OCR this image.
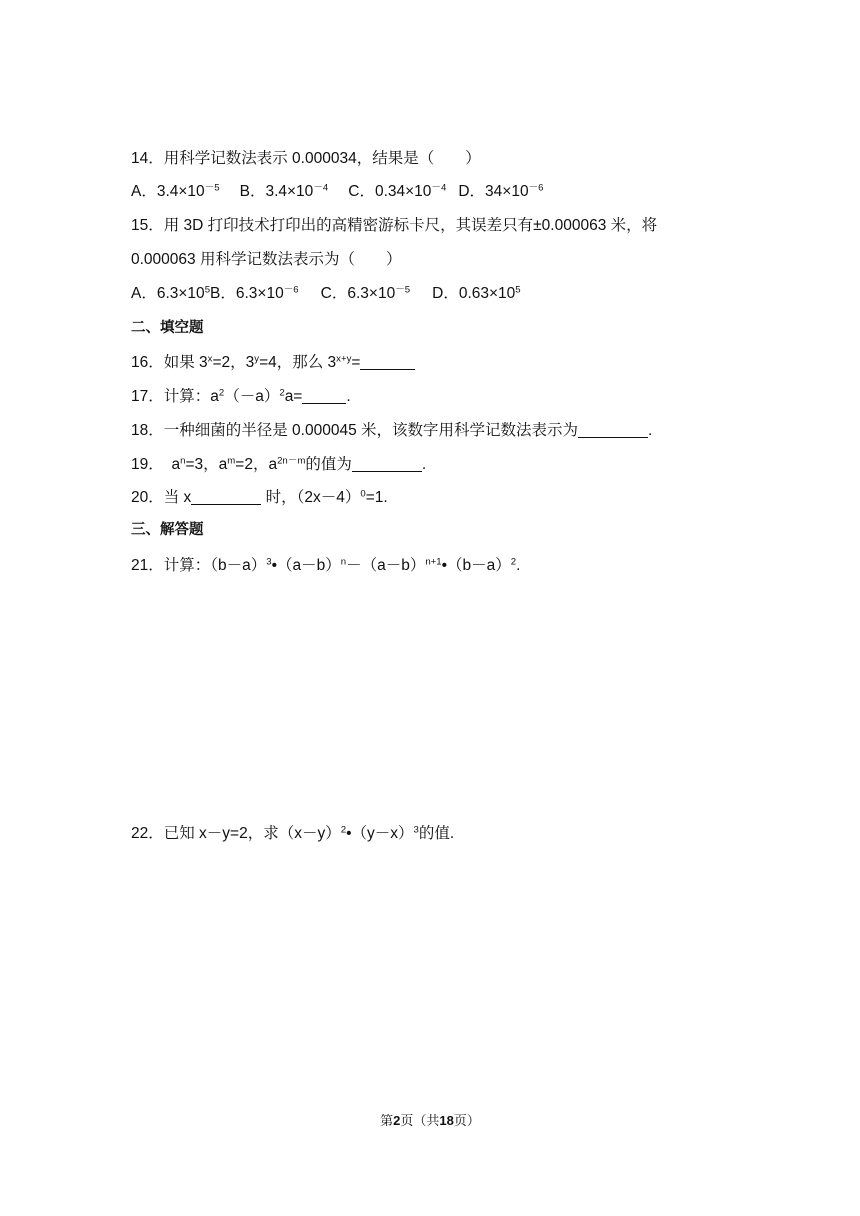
14．用科学记数法表示 0.000034，结果是（　　）
A．$3.4\times 10^{-5}$ B．$3.4\times 10^{-4}$ C．$0.34\times 10^{-4}$ D．$34\times 10^{-6}$
15．用 3D 打印技术打印出的高精密游标卡尺，其误差只有±0.000063 米，将
0.000063 用科学记数法表示为（　　）
A．$6.3\times 10^5B$．$6.3\times 10^{-6}$ C．$6.3\times 10^{-5}$ D．$0.63\times 10^5$
二、填空题
16．如果 $3^x=2$，$3^y=4$，那么 $3^{x+y}=$
17．计算：$a^2(-a)^2a=$	.
18．一种细菌的半径是 0.000045 米，该数字用科学记数法表示为	.
19．　$a^n=3$，$a^m=2$，$a^{2n-m}$的值为	.
20．当 x	时，$(2x-4)^0=1$.
三、解答题
21．计算：$(b-a)^3•(a-b)^n-(a-b)^{n+1}•(b-a)^2$.
22．已知 x－y=2，求$(x-y)^2•(y-x)^3$的值.
第2页（共18页）
